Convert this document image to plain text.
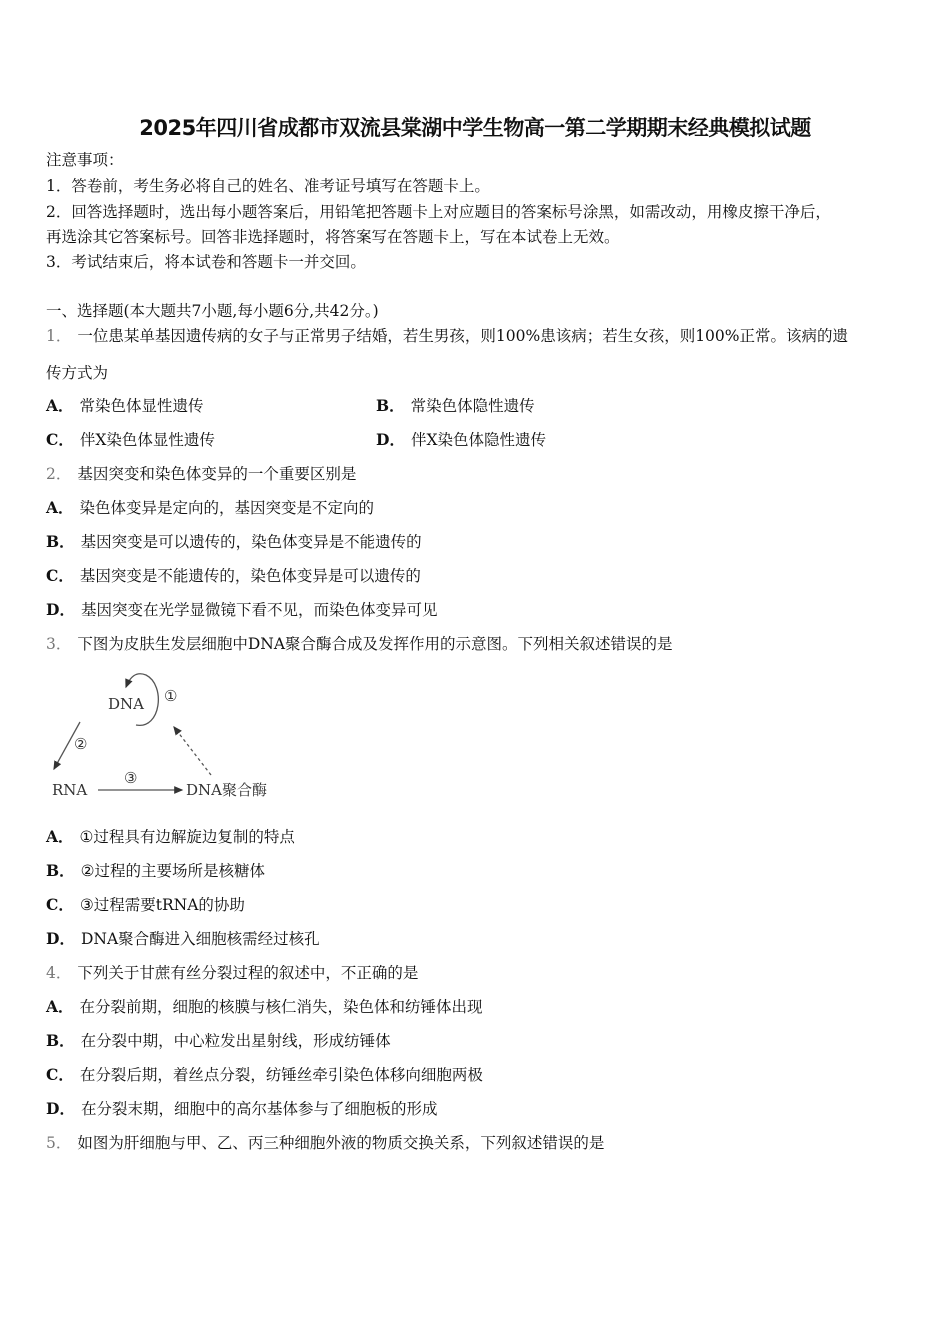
2025年四川省成都市双流县棠湖中学生物高一第二学期期末经典模拟试题
注意事项：
1．答卷前，考生务必将自己的姓名、准考证号填写在答题卡上。
2．回答选择题时，选出每小题答案后，用铅笔把答题卡上对应题目的答案标号涂黑，如需改动，用橡皮擦干净后，
再选涂其它答案标号。回答非选择题时，将答案写在答题卡上，写在本试卷上无效。
3．考试结束后，将本试卷和答题卡一并交回。
一、选择题(本大题共7小题,每小题6分,共42分。)
1． 一位患某单基因遗传病的女子与正常男子结婚，若生男孩，则100%患该病；若生女孩，则100%正常。该病的遗
传方式为
A． 常染色体显性遗传	B． 常染色体隐性遗传
C． 伴X染色体显性遗传	D． 伴X染色体隐性遗传
2． 基因突变和染色体变异的一个重要区别是
A． 染色体变异是定向的，基因突变是不定向的
B． 基因突变是可以遗传的，染色体变异是不能遗传的
C． 基因突变是不能遗传的，染色体变异是可以遗传的
D． 基因突变在光学显微镜下看不见，而染色体变异可见
3． 下图为皮肤生发层细胞中DNA聚合酶合成及发挥作用的示意图。下列相关叙述错误的是
DNA
RNA	DNA聚合酶
①
②
③
A． ①过程具有边解旋边复制的特点
B． ②过程的主要场所是核糖体
C． ③过程需要tRNA的协助
D． DNA聚合酶进入细胞核需经过核孔
4． 下列关于甘蔗有丝分裂过程的叙述中，不正确的是
A． 在分裂前期，细胞的核膜与核仁消失，染色体和纺锤体出现
B． 在分裂中期，中心粒发出星射线，形成纺锤体
C． 在分裂后期，着丝点分裂，纺锤丝牵引染色体移向细胞两极
D． 在分裂末期，细胞中的高尔基体参与了细胞板的形成
5． 如图为肝细胞与甲、乙、丙三种细胞外液的物质交换关系，下列叙述错误的是
